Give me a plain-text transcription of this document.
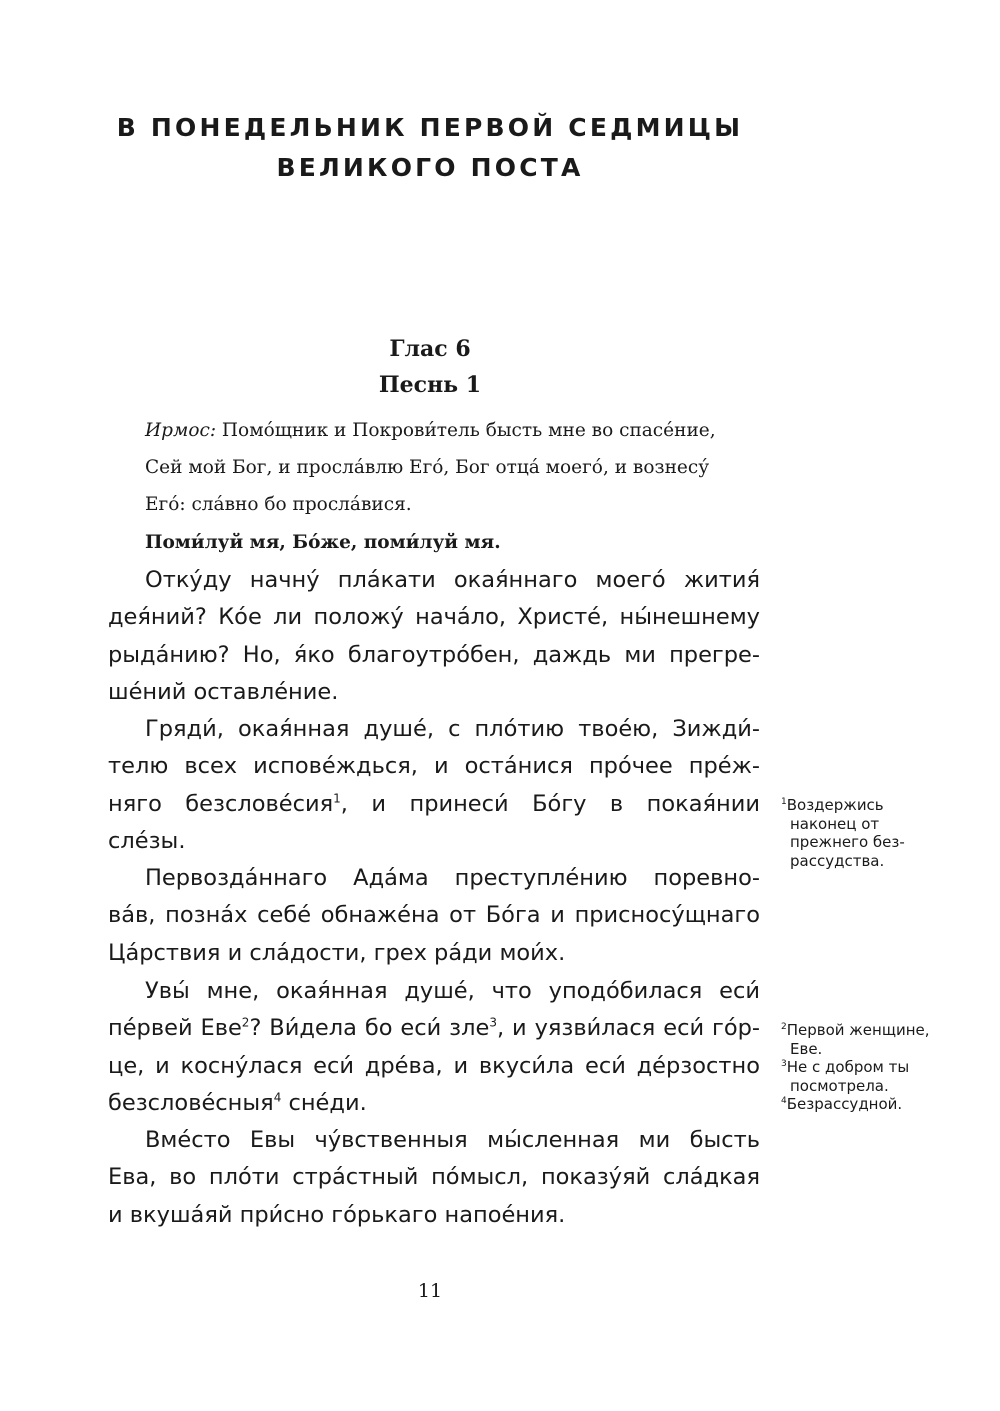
В ПОНЕДЕЛЬНИК ПЕРВОЙ СЕДМИЦЫ
ВЕЛИКОГО ПОСТА
Глас 6
Песнь 1
Ирмос: Помо́щник и Покрови́тель бысть мне во спасе́ние,
Сей мой Бог, и просла́влю Его́, Бог отца́ моего́, и вознесу́
Его́: сла́вно бо просла́вися.
Поми́луй мя, Бо́же, поми́луй мя.
Отку́ду начну́ пла́кати окая́ннаго моего́ жития́
дея́ний? Ко́е ли положу́ нача́ло, Христе́, ны́нешнему
рыда́нию? Но, я́ко благоутро́бен, даждь ми прегре-
ше́ний оставле́ние.
Гряди́, окая́нная душе́, с пло́тию твое́ю, Зижди́-
телю всех испове́ждься, и оста́нися про́чее пре́ж-
няго безслове́сия$^1$, и принеси́ Бо́гу в покая́нии
сле́зы.
Первозда́ннаго Ада́ма преступле́нию поревно-
ва́в, позна́х себе́ обнаже́на от Бо́га и присносу́щнаго
Ца́рствия и сла́дости, грех ра́ди мои́х.
Увы́ мне, окая́нная душе́, что уподо́билася еси́
пе́рвей Еве$^2$? Ви́дела бо еси́ зле$^3$, и уязви́лася еси́ го́р-
це, и косну́лася еси́ дре́ва, и вкуси́ла еси́ де́рзостно
безслове́сныя$^4$ сне́ди.
Вме́сто Евы чу́вственныя мы́сленная ми бысть
Ева, во пло́ти стра́стный по́мысл, показу́яй сла́дкая
и вкуша́яй при́сно го́рькаго напое́ния.
$^1$Воздержись
наконец от
прежнего без-
рассудства.
$^2$Первой женщине,
Еве.
$^3$Не с добром ты
посмотрела.
$^4$Безрассудной.
11
